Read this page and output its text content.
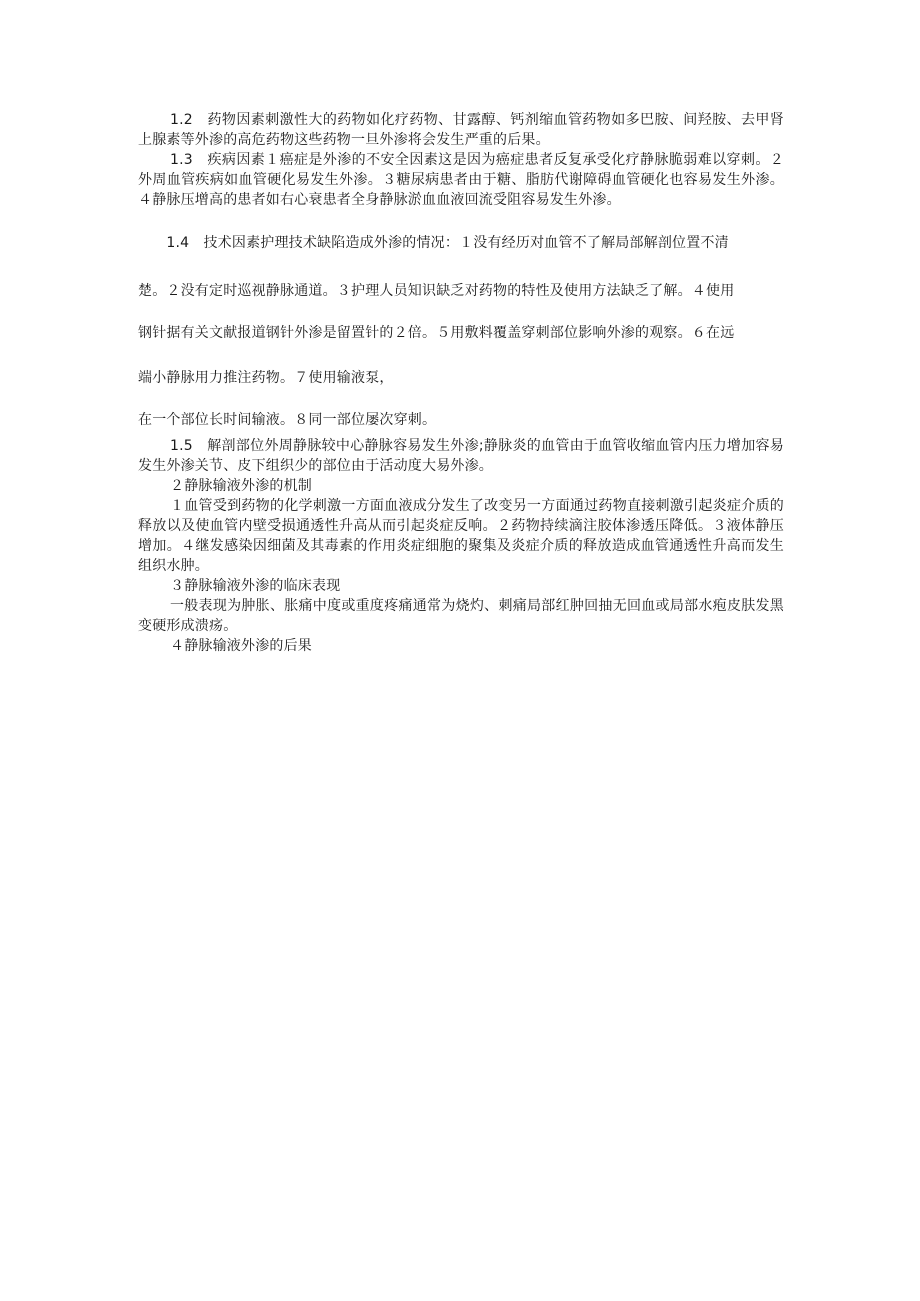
1.2　药物因素刺激性大的药物如化疗药物、甘露醇、钙剂缩血管药物如多巴胺、间羟胺、去甲肾上腺素等外渗的高危药物这些药物一旦外渗将会发生严重的后果。

1.3　疾病因素１癌症是外渗的不安全因素这是因为癌症患者反复承受化疗静脉脆弱难以穿刺。２外周血管疾病如血管硬化易发生外渗。３糖尿病患者由于糖、脂肪代谢障碍血管硬化也容易发生外渗。４静脉压增高的患者如右心衰患者全身静脉淤血血液回流受阻容易发生外渗。

　　1.4　技术因素护理技术缺陷造成外渗的情况：１没有经历对血管不了解局部解剖位置不清

楚。２没有定时巡视静脉通道。３护理人员知识缺乏对药物的特性及使用方法缺乏了解。４使用

钢针据有关文献报道钢针外渗是留置针的２倍。５用敷料覆盖穿刺部位影响外渗的观察。６在远

端小静脉用力推注药物。７使用输液泵，

在一个部位长时间输液。８同一部位屡次穿刺。

1.5　解剖部位外周静脉较中心静脉容易发生外渗;静脉炎的血管由于血管收缩血管内压力增加容易发生外渗关节、皮下组织少的部位由于活动度大易外渗。

２静脉输液外渗的机制

１血管受到药物的化学刺激一方面血液成分发生了改变另一方面通过药物直接刺激引起炎症介质的释放以及使血管内壁受损通透性升高从而引起炎症反响。２药物持续滴注胶体渗透压降低。３液体静压增加。４继发感染因细菌及其毒素的作用炎症细胞的聚集及炎症介质的释放造成血管通透性升高而发生组织水肿。

３静脉输液外渗的临床表现

一般表现为肿胀、胀痛中度或重度疼痛通常为烧灼、刺痛局部红肿回抽无回血或局部水疱皮肤发黑变硬形成溃疡。

４静脉输液外渗的后果
